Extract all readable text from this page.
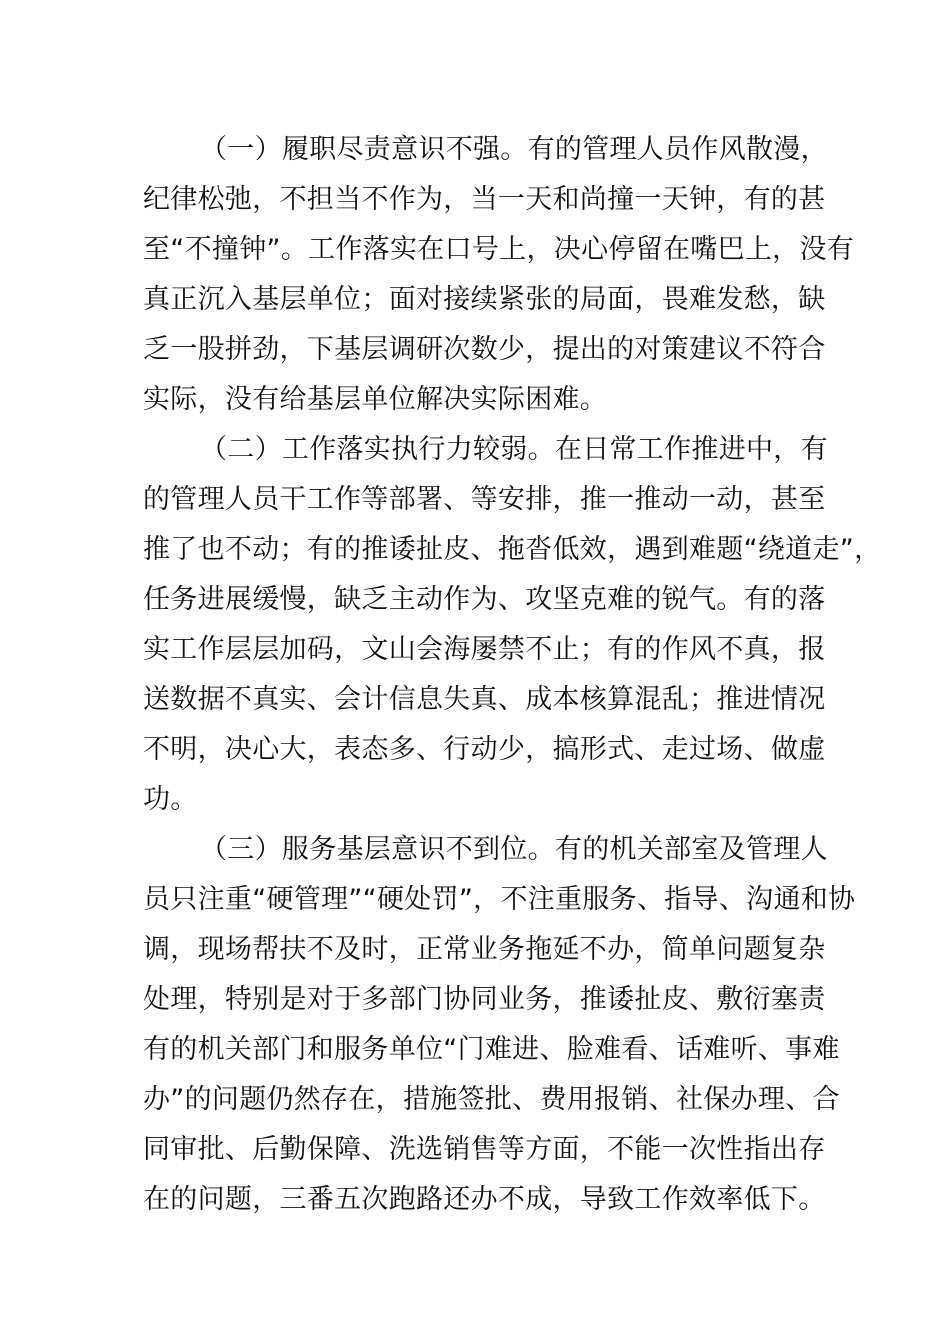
（一）履职尽责意识不强。有的管理人员作风散漫，
纪律松弛，不担当不作为，当一天和尚撞一天钟，有的甚
至“不撞钟”。工作落实在口号上，决心停留在嘴巴上，没有
真正沉入基层单位；面对接续紧张的局面，畏难发愁，缺
乏一股拼劲，下基层调研次数少，提出的对策建议不符合
实际，没有给基层单位解决实际困难。
（二）工作落实执行力较弱。在日常工作推进中，有
的管理人员干工作等部署、等安排，推一推动一动，甚至
推了也不动；有的推诿扯皮、拖沓低效，遇到难题“绕道走”，
任务进展缓慢，缺乏主动作为、攻坚克难的锐气。有的落
实工作层层加码，文山会海屡禁不止；有的作风不真，报
送数据不真实、会计信息失真、成本核算混乱；推进情况
不明，决心大，表态多、行动少，搞形式、走过场、做虚
功。
（三）服务基层意识不到位。有的机关部室及管理人
员只注重“硬管理”“硬处罚”，不注重服务、指导、沟通和协
调，现场帮扶不及时，正常业务拖延不办，简单问题复杂
处理，特别是对于多部门协同业务，推诿扯皮、敷衍塞责
有的机关部门和服务单位“门难进、脸难看、话难听、事难
办”的问题仍然存在，措施签批、费用报销、社保办理、合
同审批、后勤保障、洗选销售等方面，不能一次性指出存
在的问题，三番五次跑路还办不成，导致工作效率低下。
